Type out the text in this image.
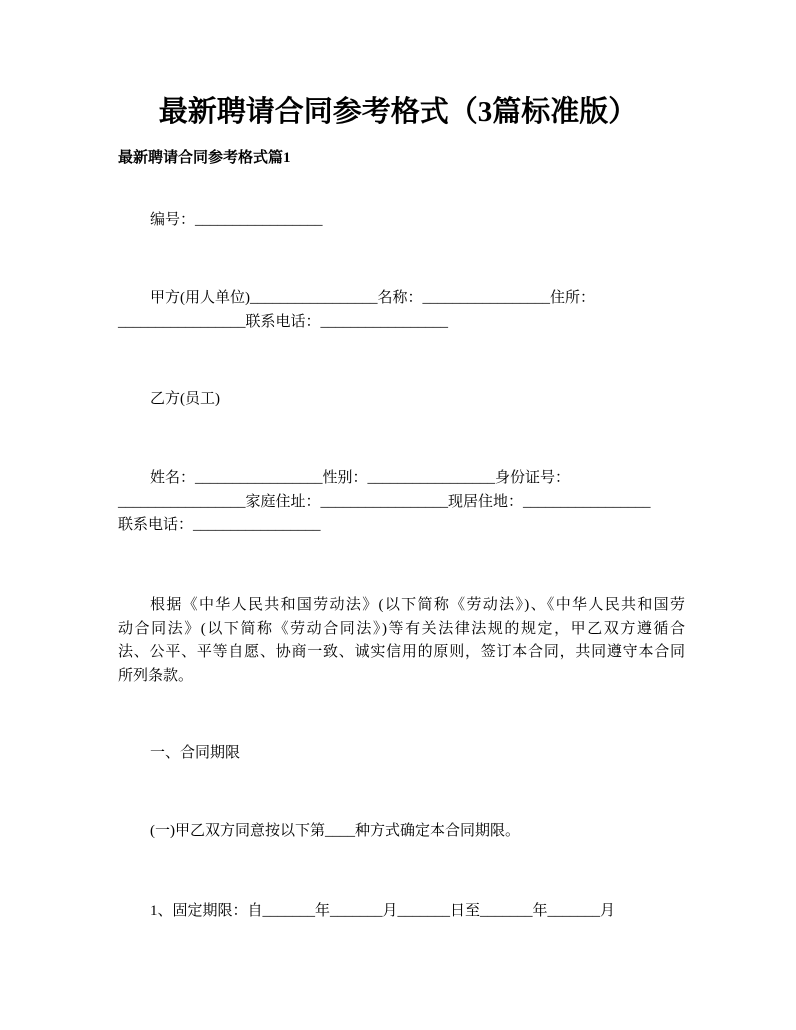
最新聘请合同参考格式（3篇标准版）
最新聘请合同参考格式篇1
编号：_________________
甲方(用人单位)_________________名称：_________________住所：
_________________联系电话：_________________
乙方(员工)
姓名：_________________性别：_________________身份证号：
_________________家庭住址：_________________现居住地：_________________
联系电话：_________________
根据《中华人民共和国劳动法》(以下简称《劳动法》)、《中华人民共和国劳
动合同法》(以下简称《劳动合同法》)等有关法律法规的规定，甲乙双方遵循合
法、公平、平等自愿、协商一致、诚实信用的原则，签订本合同，共同遵守本合同
所列条款。
一、合同期限
(一)甲乙双方同意按以下第____种方式确定本合同期限。
1、固定期限：自_______年_______月_______日至_______年_______月
